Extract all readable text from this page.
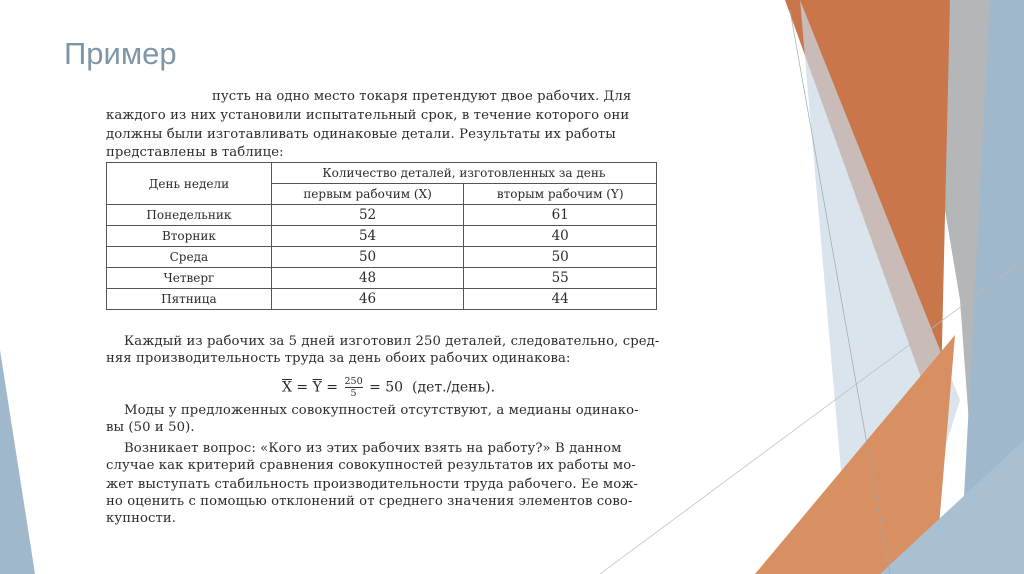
Пример
пусть на одно место токаря претендуют двое рабочих. Для
каждого из них установили испытательный срок, в течение которого они
должны были изготавливать одинаковые детали. Результаты их работы
представлены в таблице:
День недели	Количество деталей, изготовленных за день	
	первым рабочим (X)	вторым рабочим (Y)
Понедельник	52	61
Вторник	54	40
Среда	50	50
Четверг	48	55
Пятница	46	44
Каждый из рабочих за 5 дней изготовил 250 деталей, следовательно, сред-
няя производительность труда за день обоих рабочих одинакова:
$\overline{X} = \overline{Y} = \frac{250}{5} = 50$ (дет./день).
Моды у предложенных совокупностей отсутствуют, а медианы одинако-
вы (50 и 50).
Возникает вопрос: «Кого из этих рабочих взять на работу?» В данном
случае как критерий сравнения совокупностей результатов их работы мо-
жет выступать стабильность производительности труда рабочего. Ее мож-
но оценить с помощью отклонений от среднего значения элементов сово-
купности.
